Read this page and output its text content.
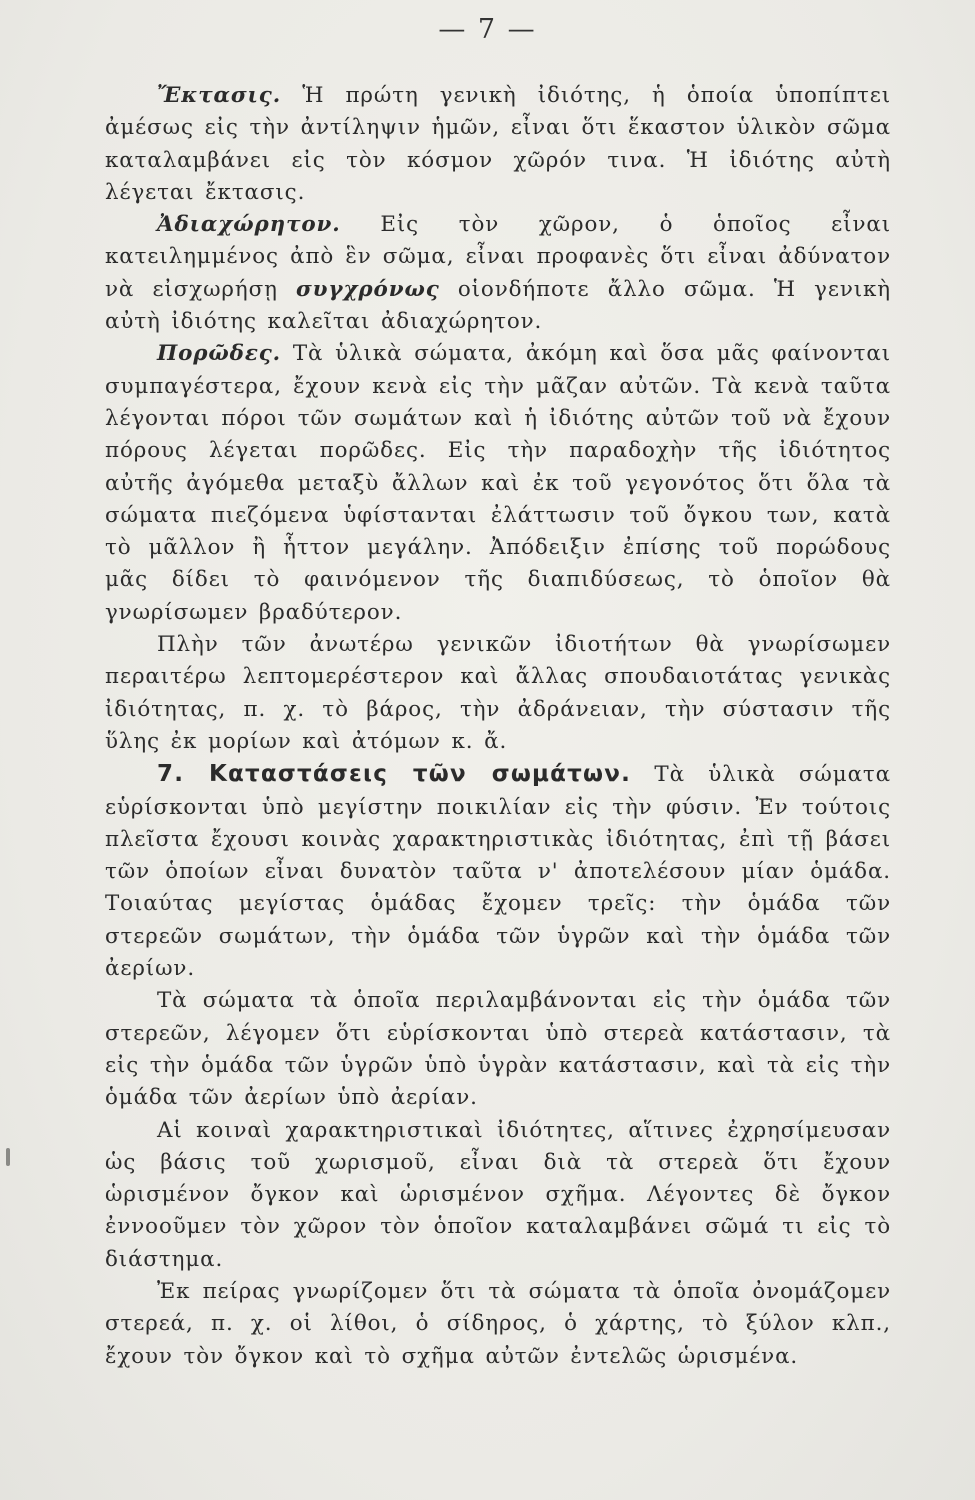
— 7 —

Ἔκτασις. Ἡ πρώτη γενικὴ ἰδιότης, ἡ ὁποία ὑποπίπτει ἀμέσως εἰς τὴν ἀντίληψιν ἡμῶν, εἶναι ὅτι ἕκαστον ὑλικὸν σῶμα καταλαμβάνει εἰς τὸν κόσμον χῶρόν τινα. Ἡ ἰδιότης αὐτὴ λέγεται ἔκτασις.

Ἀδιαχώρητον. Εἰς τὸν χῶρον, ὁ ὁποῖος εἶναι κατειλημμένος ἀπὸ ἓν σῶμα, εἶναι προφανὲς ὅτι εἶναι ἀδύνατον νὰ εἰσχωρήσῃ συγχρόνως οἱονδήποτε ἄλλο σῶμα. Ἡ γενικὴ αὐτὴ ἰδιότης καλεῖται ἀδιαχώρητον.

Πορῶδες. Τὰ ὑλικὰ σώματα, ἀκόμη καὶ ὅσα μᾶς φαίνονται συμπαγέστερα, ἔχουν κενὰ εἰς τὴν μᾶζαν αὐτῶν. Τὰ κενὰ ταῦτα λέγονται πόροι τῶν σωμάτων καὶ ἡ ἰδιότης αὐτῶν τοῦ νὰ ἔχουν πόρους λέγεται πορῶδες. Εἰς τὴν παραδοχὴν τῆς ἰδιότητος αὐτῆς ἀγόμεθα μεταξὺ ἄλλων καὶ ἐκ τοῦ γεγονότος ὅτι ὅλα τὰ σώματα πιεζόμενα ὑφίστανται ἐλάττωσιν τοῦ ὄγκου των, κατὰ τὸ μᾶλλον ἢ ἧττον μεγάλην. Ἀπόδειξιν ἐπίσης τοῦ πορώδους μᾶς δίδει τὸ φαινόμενον τῆς διαπιδύσεως, τὸ ὁποῖον θὰ γνωρίσωμεν βραδύτερον.

Πλὴν τῶν ἀνωτέρω γενικῶν ἰδιοτήτων θὰ γνωρίσωμεν περαιτέρω λεπτομερέστερον καὶ ἄλλας σπουδαιοτάτας γενικὰς ἰδιότητας, π. χ. τὸ βάρος, τὴν ἀδράνειαν, τὴν σύστασιν τῆς ὕλης ἐκ μορίων καὶ ἀτόμων κ. ἄ.

7. Καταστάσεις τῶν σωμάτων. Τὰ ὑλικὰ σώματα εὑρίσκονται ὑπὸ μεγίστην ποικιλίαν εἰς τὴν φύσιν. Ἐν τούτοις πλεῖστα ἔχουσι κοινὰς χαρακτηριστικὰς ἰδιότητας, ἐπὶ τῇ βάσει τῶν ὁποίων εἶναι δυνατὸν ταῦτα ν' ἀποτελέσουν μίαν ὁμάδα. Τοιαύτας μεγίστας ὁμάδας ἔχομεν τρεῖς: τὴν ὁμάδα τῶν στερεῶν σωμάτων, τὴν ὁμάδα τῶν ὑγρῶν καὶ τὴν ὁμάδα τῶν ἀερίων.

Τὰ σώματα τὰ ὁποῖα περιλαμβάνονται εἰς τὴν ὁμάδα τῶν στερεῶν, λέγομεν ὅτι εὑρίσκονται ὑπὸ στερεὰ κατάστασιν, τὰ εἰς τὴν ὁμάδα τῶν ὑγρῶν ὑπὸ ὑγρὰν κατάστασιν, καὶ τὰ εἰς τὴν ὁμάδα τῶν ἀερίων ὑπὸ ἀερίαν.

Αἱ κοιναὶ χαρακτηριστικαὶ ἰδιότητες, αἵτινες ἐχρησίμευσαν ὡς βάσις τοῦ χωρισμοῦ, εἶναι διὰ τὰ στερεὰ ὅτι ἔχουν ὡρισμένον ὄγκον καὶ ὡρισμένον σχῆμα. Λέγοντες δὲ ὄγκον ἐννοοῦμεν τὸν χῶρον τὸν ὁποῖον καταλαμβάνει σῶμά τι εἰς τὸ διάστημα.

Ἐκ πείρας γνωρίζομεν ὅτι τὰ σώματα τὰ ὁποῖα ὀνομάζομεν στερεά, π. χ. οἱ λίθοι, ὁ σίδηρος, ὁ χάρτης, τὸ ξύλον κλπ., ἔχουν τὸν ὄγκον καὶ τὸ σχῆμα αὐτῶν ἐντελῶς ὡρισμένα.
